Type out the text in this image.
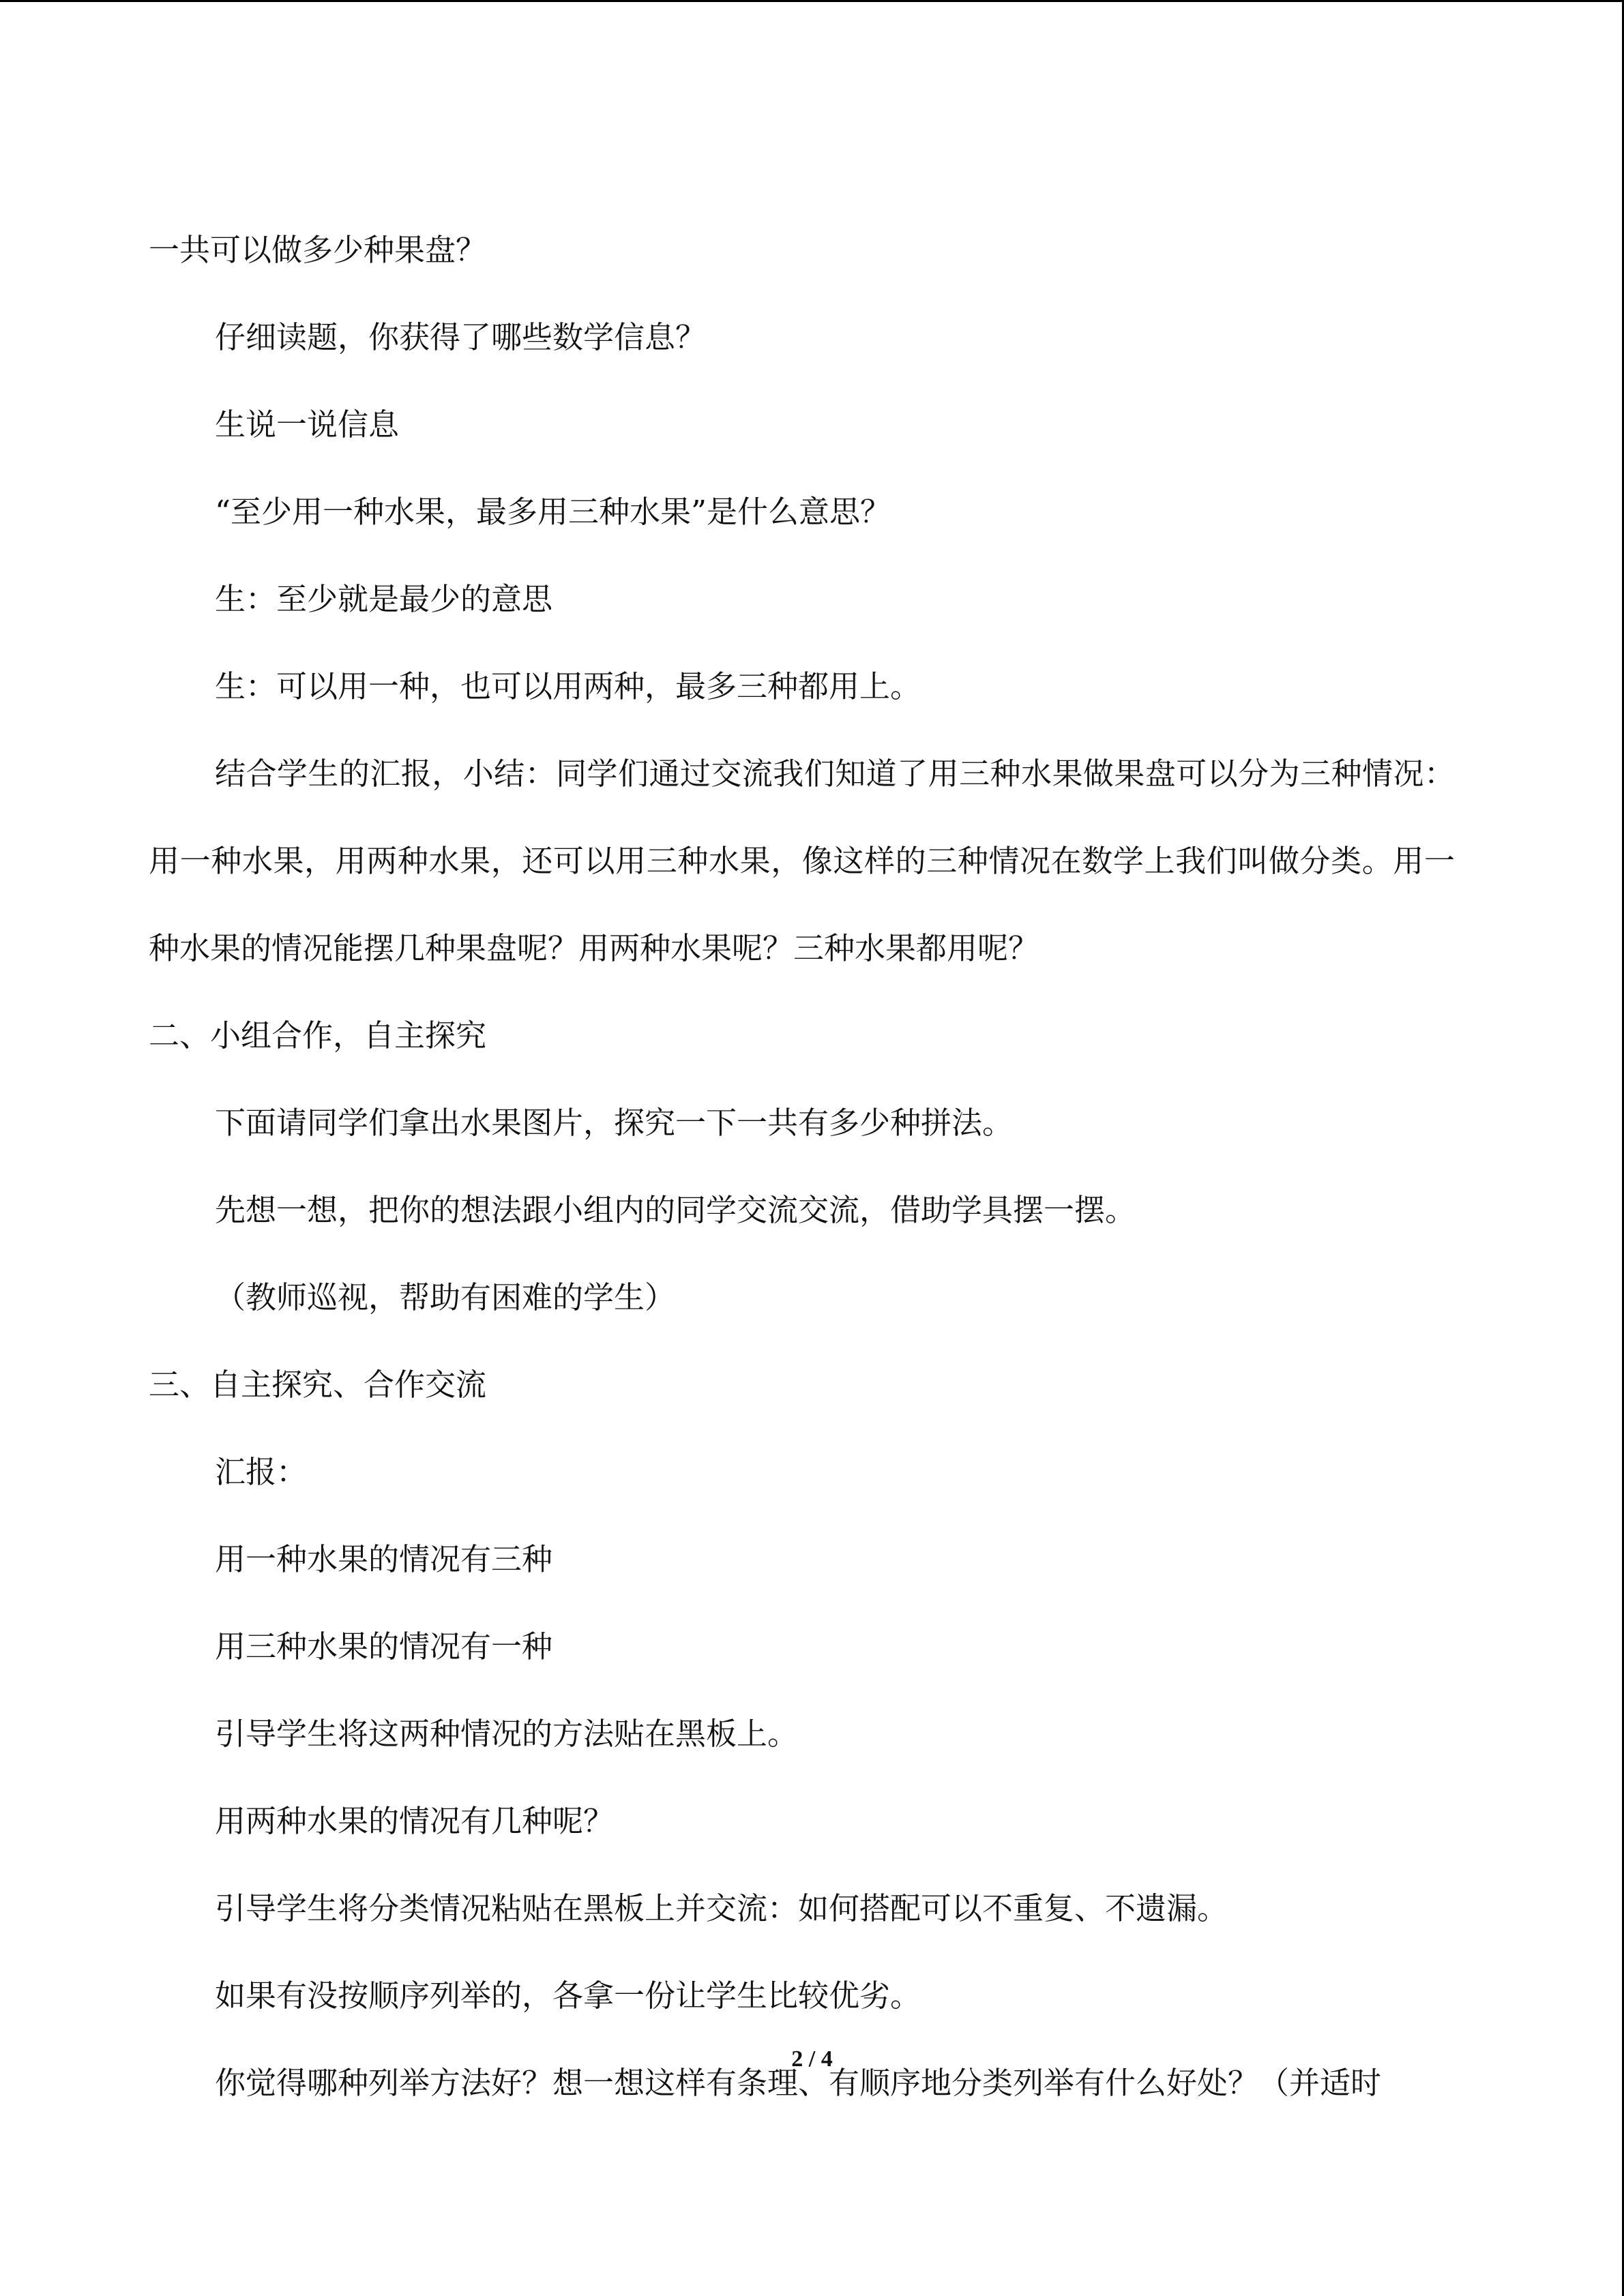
一共可以做多少种果盘？

仔细读题，你获得了哪些数学信息？

生说一说信息

“至少用一种水果，最多用三种水果”是什么意思？

生：至少就是最少的意思

生：可以用一种，也可以用两种，最多三种都用上。

结合学生的汇报，小结：同学们通过交流我们知道了用三种水果做果盘可以分为三种情况：用一种水果，用两种水果，还可以用三种水果，像这样的三种情况在数学上我们叫做分类。用一种水果的情况能摆几种果盘呢？用两种水果呢？三种水果都用呢？

二、小组合作，自主探究

下面请同学们拿出水果图片，探究一下一共有多少种拼法。

先想一想，把你的想法跟小组内的同学交流交流，借助学具摆一摆。

（教师巡视，帮助有困难的学生）

三、自主探究、合作交流

汇报：

用一种水果的情况有三种

用三种水果的情况有一种

引导学生将这两种情况的方法贴在黑板上。

用两种水果的情况有几种呢？

引导学生将分类情况粘贴在黑板上并交流：如何搭配可以不重复、不遗漏。

如果有没按顺序列举的，各拿一份让学生比较优劣。

你觉得哪种列举方法好？想一想这样有条理、有顺序地分类列举有什么好处？（并适时

2 / 4
